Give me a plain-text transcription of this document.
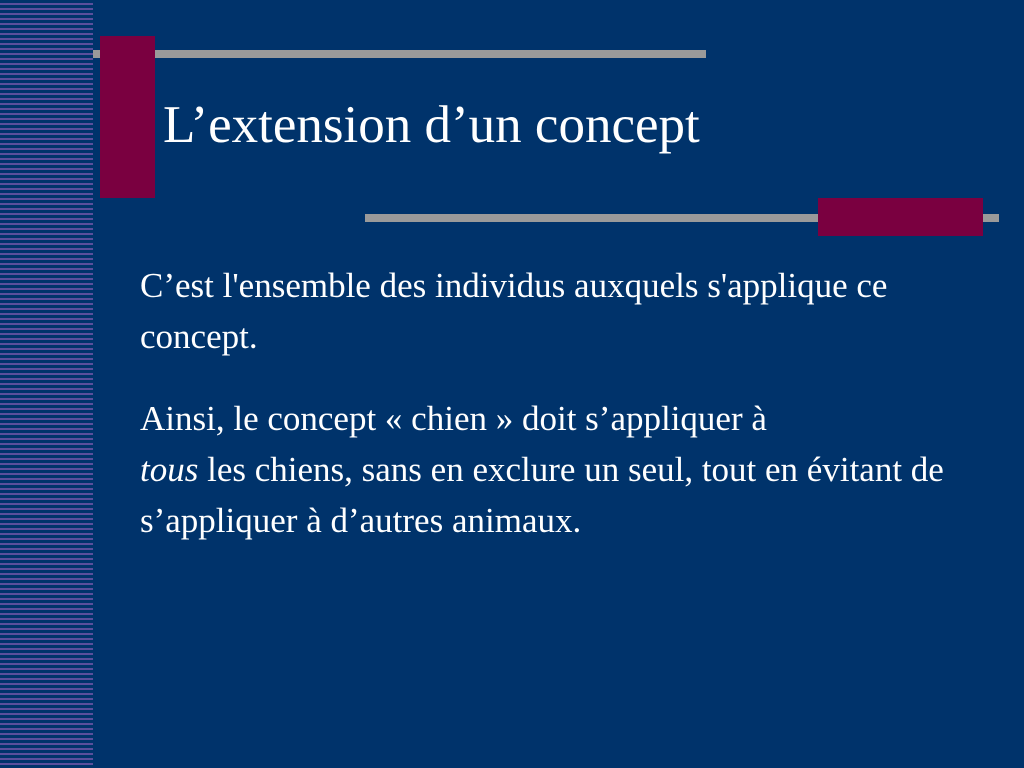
L’extension d’un concept

C’est l'ensemble des individus auxquels s'applique ce concept.

Ainsi, le concept « chien » doit s’appliquer à
tous les chiens, sans en exclure un seul, tout en évitant de s’appliquer à d’autres animaux.
